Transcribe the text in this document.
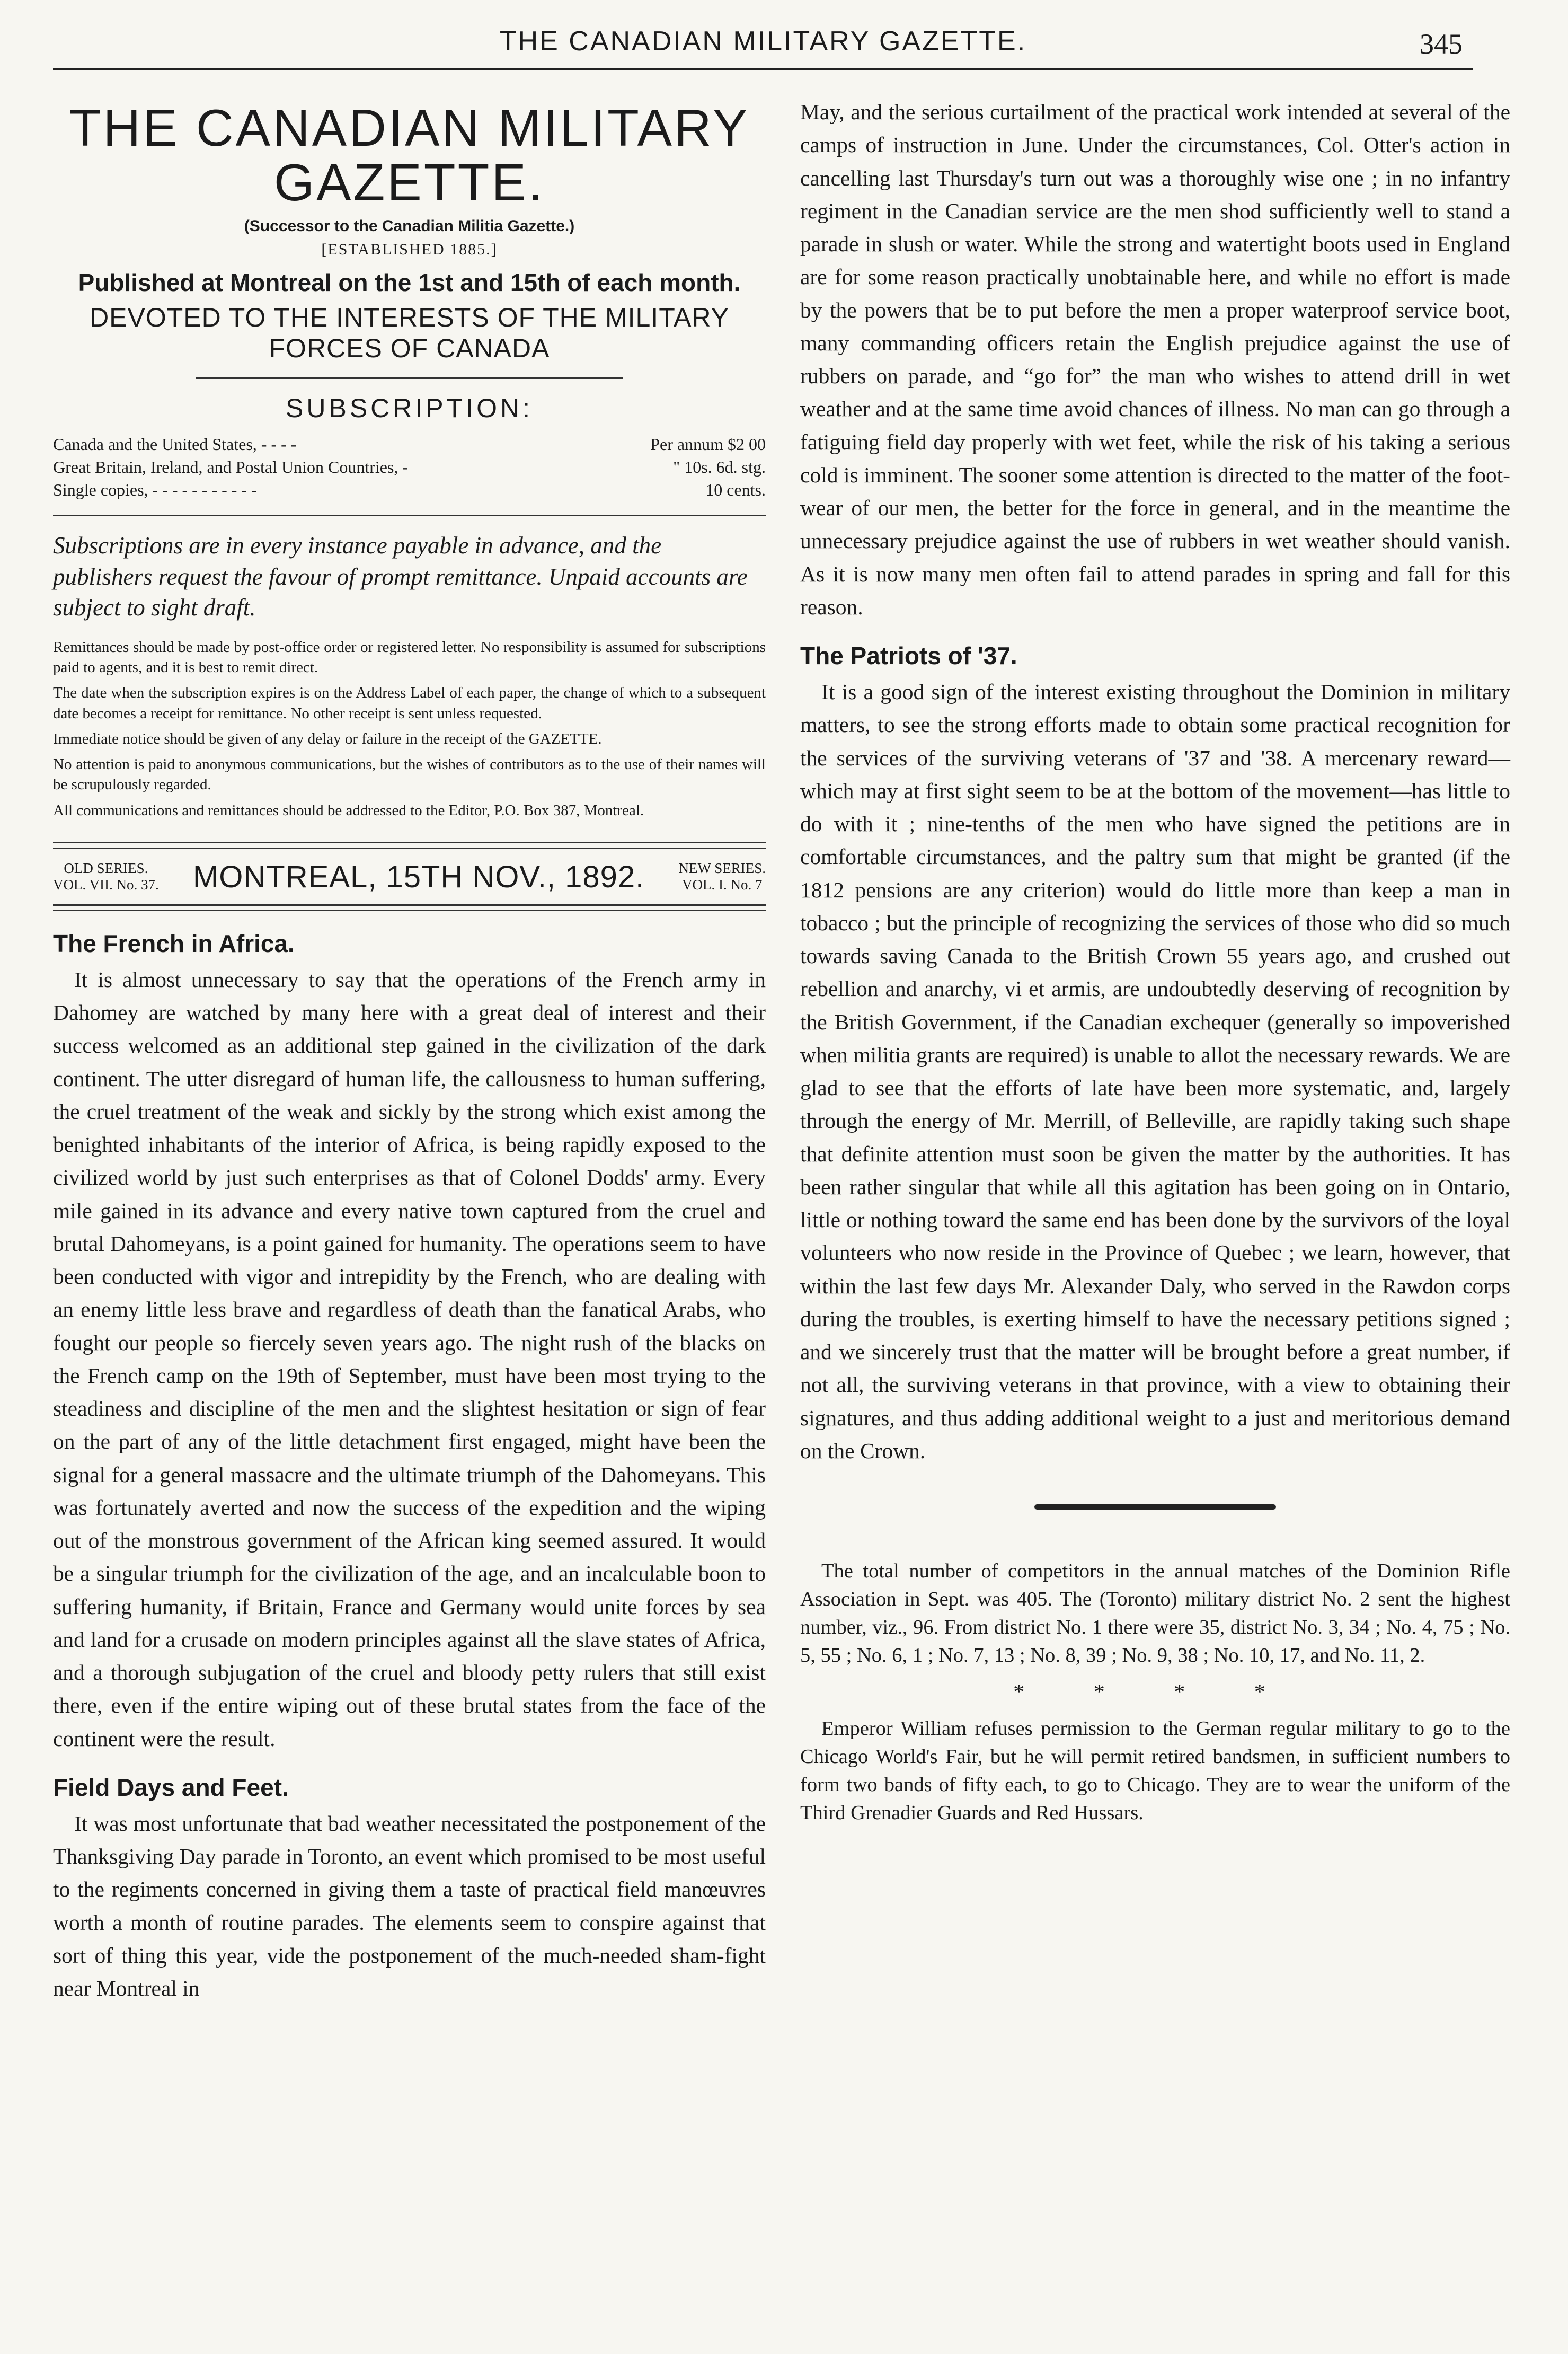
THE CANADIAN MILITARY GAZETTE.	345
THE CANADIAN MILITARY GAZETTE.
(Successor to the Canadian Militia Gazette.)
[ESTABLISHED 1885.]
Published at Montreal on the 1st and 15th of each month.
DEVOTED TO THE INTERESTS OF THE MILITARY FORCES OF CANADA
SUBSCRIPTION:
Canada and the United States, - - - -	Per annum $2 00
Great Britain, Ireland, and Postal Union Countries, -	" 10s. 6d. stg.
Single copies, - - - - - - - - - - -	10 cents.
Subscriptions are in every instance payable in advance, and the publishers request the favour of prompt remittance. Unpaid accounts are subject to sight draft.

Remittances should be made by post-office order or registered letter. No responsibility is assumed for subscriptions paid to agents, and it is best to remit direct.

The date when the subscription expires is on the Address Label of each paper, the change of which to a subsequent date becomes a receipt for remittance. No other receipt is sent unless requested.

Immediate notice should be given of any delay or failure in the receipt of the GAZETTE.

No attention is paid to anonymous communications, but the wishes of contributors as to the use of their names will be scrupulously regarded.

All communications and remittances should be addressed to the Editor, P.O. Box 387, Montreal.

OLD SERIES.
VOL. VII. No. 37. MONTREAL, 15TH NOV., 1892. NEW SERIES.
VOL. I. No. 7
The French in Africa.

It is almost unnecessary to say that the operations of the French army in Dahomey are watched by many here with a great deal of interest and their success welcomed as an additional step gained in the civilization of the dark continent. The utter disregard of human life, the callousness to human suffering, the cruel treatment of the weak and sickly by the strong which exist among the benighted inhabitants of the interior of Africa, is being rapidly exposed to the civilized world by just such enterprises as that of Colonel Dodds' army. Every mile gained in its advance and every native town captured from the cruel and brutal Dahomeyans, is a point gained for humanity. The operations seem to have been conducted with vigor and intrepidity by the French, who are dealing with an enemy little less brave and regardless of death than the fanatical Arabs, who fought our people so fiercely seven years ago. The night rush of the blacks on the French camp on the 19th of September, must have been most trying to the steadiness and discipline of the men and the slightest hesitation or sign of fear on the part of any of the little detachment first engaged, might have been the signal for a general massacre and the ultimate triumph of the Dahomeyans. This was fortunately averted and now the success of the expedition and the wiping out of the monstrous government of the African king seemed assured. It would be a singular triumph for the civilization of the age, and an incalculable boon to suffering humanity, if Britain, France and Germany would unite forces by sea and land for a crusade on modern principles against all the slave states of Africa, and a thorough subjugation of the cruel and bloody petty rulers that still exist there, even if the entire wiping out of these brutal states from the face of the continent were the result.

Field Days and Feet.

It was most unfortunate that bad weather necessitated the postponement of the Thanksgiving Day parade in Toronto, an event which promised to be most useful to the regiments concerned in giving them a taste of practical field manœuvres worth a month of routine parades. The elements seem to conspire against that sort of thing this year, vide the postponement of the much-needed sham-fight near Montreal in

May, and the serious curtailment of the practical work intended at several of the camps of instruction in June. Under the circumstances, Col. Otter's action in cancelling last Thursday's turn out was a thoroughly wise one ; in no infantry regiment in the Canadian service are the men shod sufficiently well to stand a parade in slush or water. While the strong and watertight boots used in England are for some reason practically unobtainable here, and while no effort is made by the powers that be to put before the men a proper waterproof service boot, many commanding officers retain the English prejudice against the use of rubbers on parade, and “go for” the man who wishes to attend drill in wet weather and at the same time avoid chances of illness. No man can go through a fatiguing field day properly with wet feet, while the risk of his taking a serious cold is imminent. The sooner some attention is directed to the matter of the foot-wear of our men, the better for the force in general, and in the meantime the unnecessary prejudice against the use of rubbers in wet weather should vanish. As it is now many men often fail to attend parades in spring and fall for this reason.

The Patriots of '37.

It is a good sign of the interest existing throughout the Dominion in military matters, to see the strong efforts made to obtain some practical recognition for the services of the surviving veterans of '37 and '38. A mercenary reward—which may at first sight seem to be at the bottom of the movement—has little to do with it ; nine-tenths of the men who have signed the petitions are in comfortable circumstances, and the paltry sum that might be granted (if the 1812 pensions are any criterion) would do little more than keep a man in tobacco ; but the principle of recognizing the services of those who did so much towards saving Canada to the British Crown 55 years ago, and crushed out rebellion and anarchy, vi et armis, are undoubtedly deserving of recognition by the British Government, if the Canadian exchequer (generally so impoverished when militia grants are required) is unable to allot the necessary rewards. We are glad to see that the efforts of late have been more systematic, and, largely through the energy of Mr. Merrill, of Belleville, are rapidly taking such shape that definite attention must soon be given the matter by the authorities. It has been rather singular that while all this agitation has been going on in Ontario, little or nothing toward the same end has been done by the survivors of the loyal volunteers who now reside in the Province of Quebec ; we learn, however, that within the last few days Mr. Alexander Daly, who served in the Rawdon corps during the troubles, is exerting himself to have the necessary petitions signed ; and we sincerely trust that the matter will be brought before a great number, if not all, the surviving veterans in that province, with a view to obtaining their signatures, and thus adding additional weight to a just and meritorious demand on the Crown.

The total number of competitors in the annual matches of the Dominion Rifle Association in Sept. was 405. The (Toronto) military district No. 2 sent the highest number, viz., 96. From district No. 1 there were 35, district No. 3, 34 ; No. 4, 75 ; No. 5, 55 ; No. 6, 1 ; No. 7, 13 ; No. 8, 39 ; No. 9, 38 ; No. 10, 17, and No. 11, 2.

* * * *

Emperor William refuses permission to the German regular military to go to the Chicago World's Fair, but he will permit retired bandsmen, in sufficient numbers to form two bands of fifty each, to go to Chicago. They are to wear the uniform of the Third Grenadier Guards and Red Hussars.
